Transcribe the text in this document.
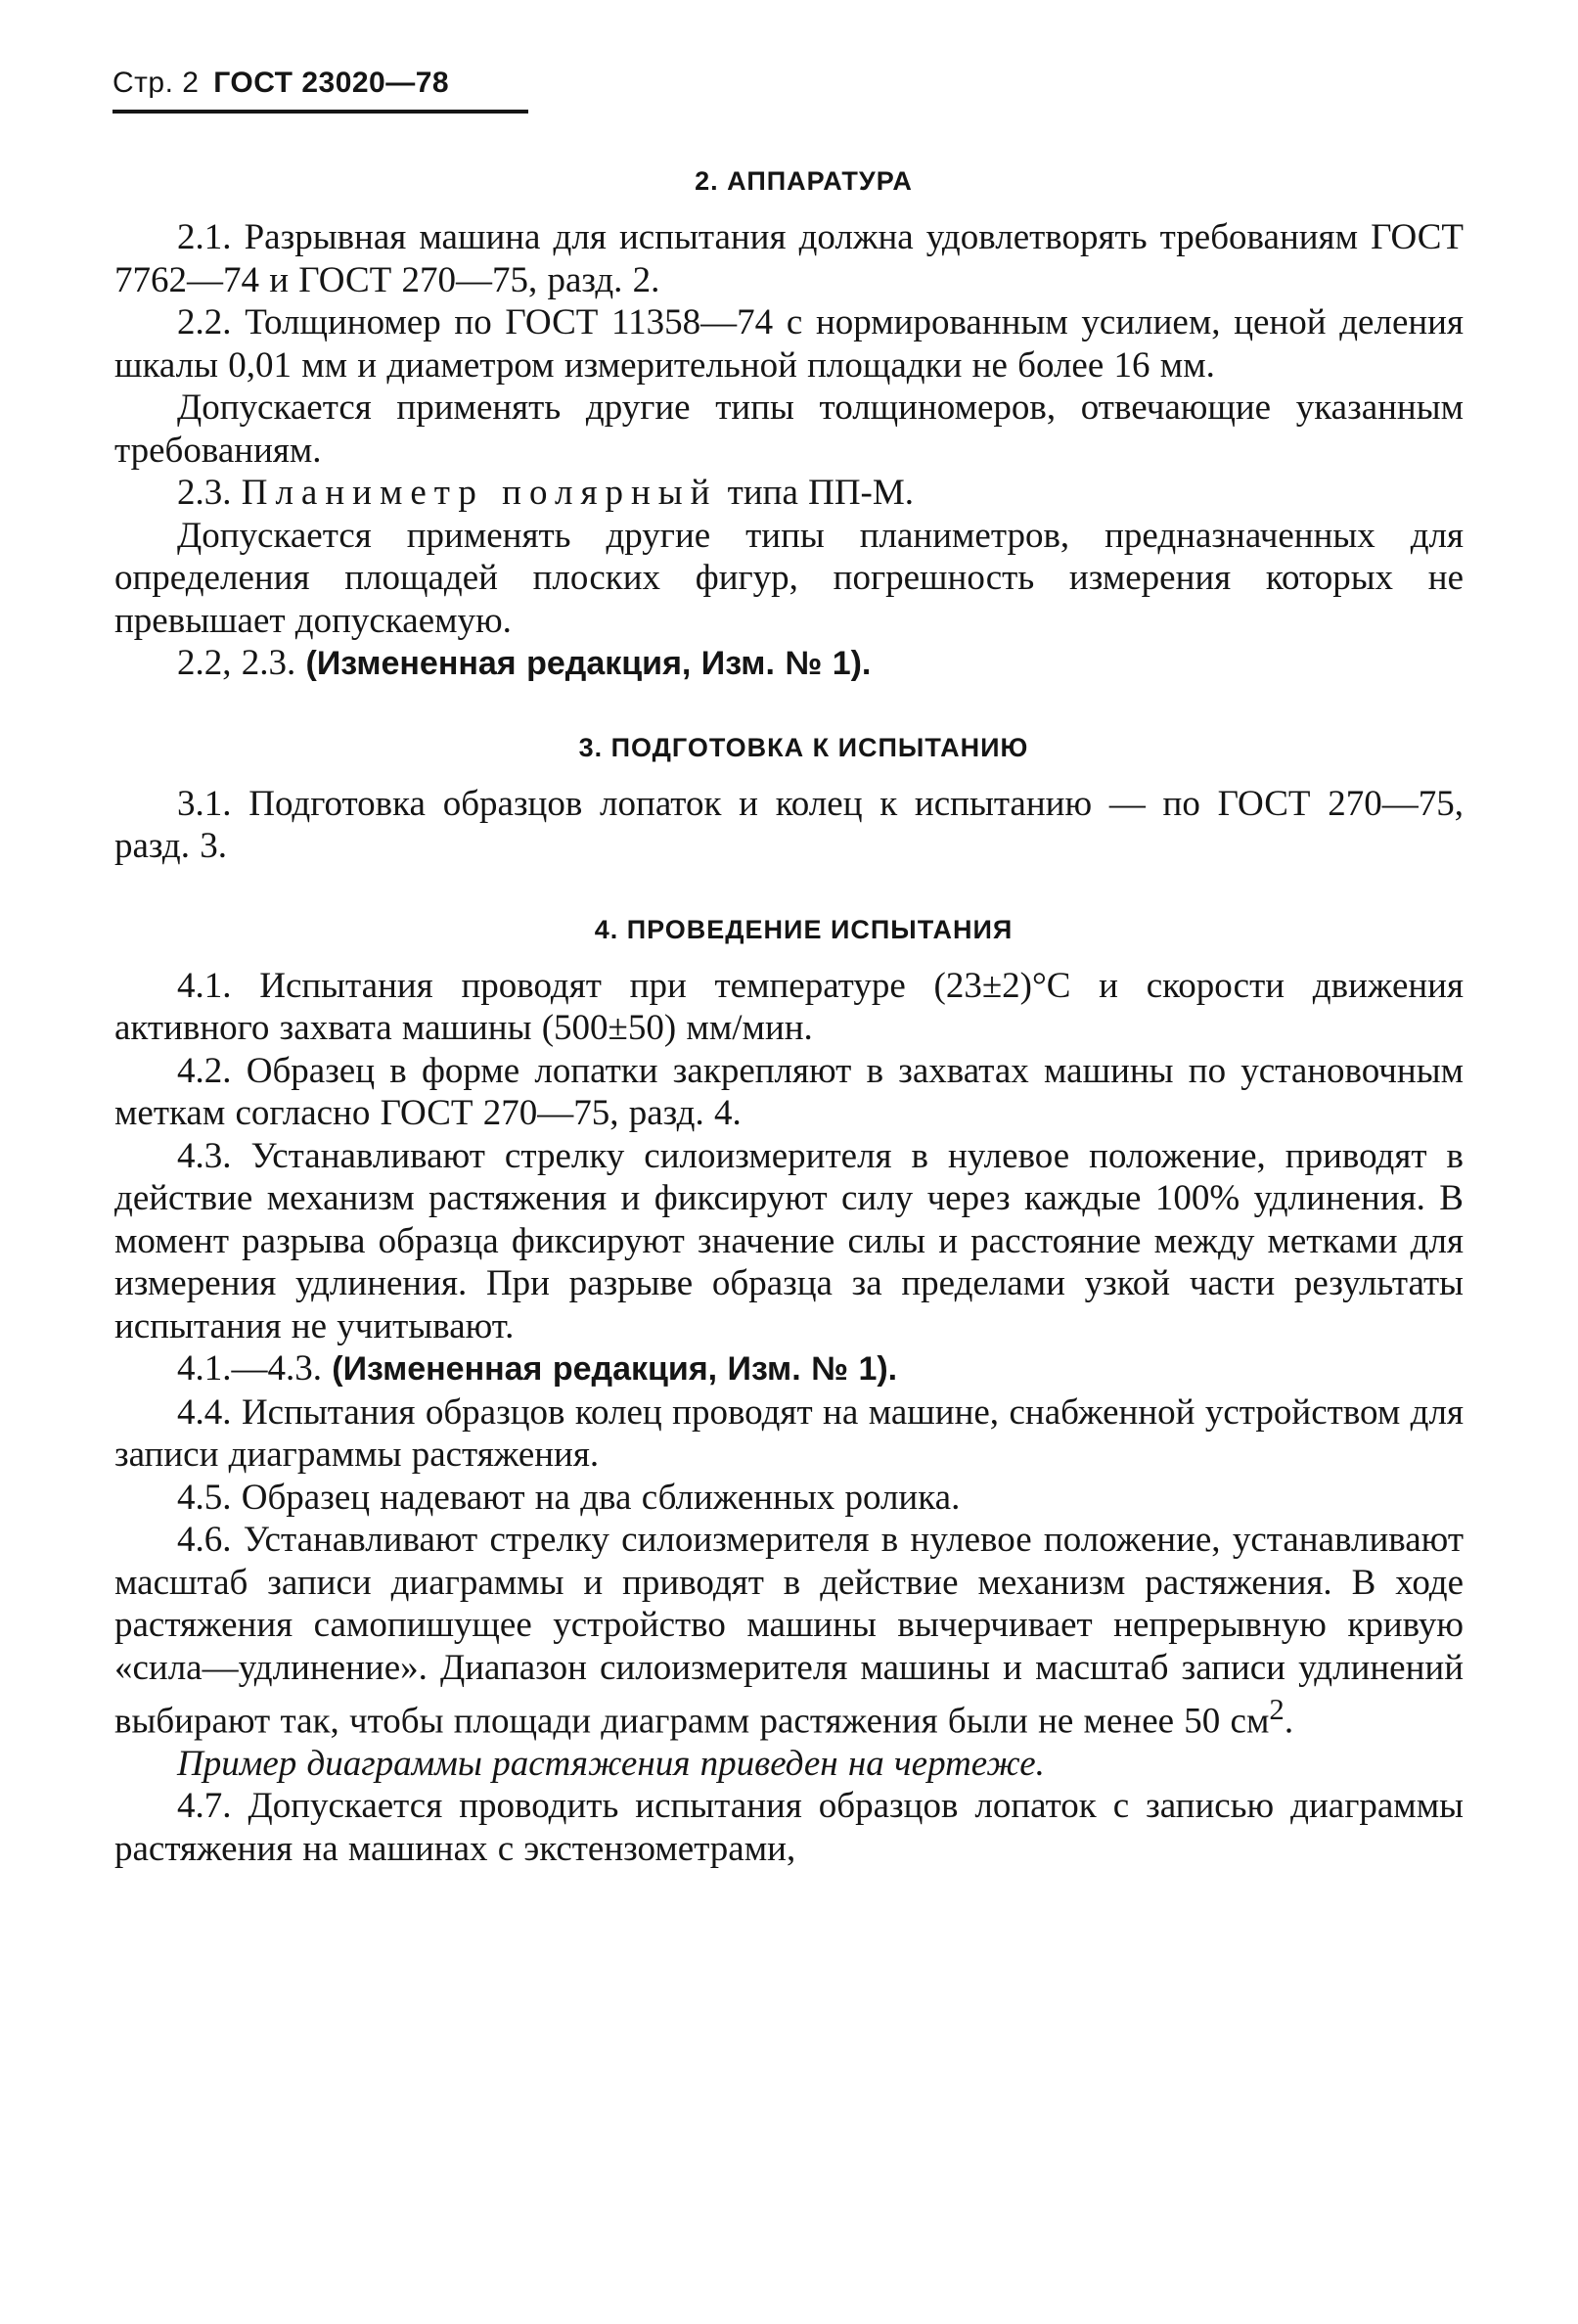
Стр. 2 ГОСТ 23020—78
2. АППАРАТУРА

2.1. Разрывная машина для испытания должна удовлетворять требованиям ГОСТ 7762—74 и ГОСТ 270—75, разд. 2.

2.2. Толщиномер по ГОСТ 11358—74 с нормированным усилием, ценой деления шкалы 0,01 мм и диаметром измерительной площадки не более 16 мм.

Допускается применять другие типы толщиномеров, отвечающие указанным требованиям.

2.3. Планиметр полярный типа ПП-М.

Допускается применять другие типы планиметров, предназначенных для определения площадей плоских фигур, погрешность измерения которых не превышает допускаемую.

2.2, 2.3. (Измененная редакция, Изм. № 1).

3. ПОДГОТОВКА К ИСПЫТАНИЮ

3.1. Подготовка образцов лопаток и колец к испытанию — по ГОСТ 270—75, разд. 3.

4. ПРОВЕДЕНИЕ ИСПЫТАНИЯ

4.1. Испытания проводят при температуре (23±2)°С и скорости движения активного захвата машины (500±50) мм/мин.

4.2. Образец в форме лопатки закрепляют в захватах машины по установочным меткам согласно ГОСТ 270—75, разд. 4.

4.3. Устанавливают стрелку силоизмерителя в нулевое положение, приводят в действие механизм растяжения и фиксируют силу через каждые 100% удлинения. В момент разрыва образца фиксируют значение силы и расстояние между метками для измерения удлинения. При разрыве образца за пределами узкой части результаты испытания не учитывают.

4.1.—4.3. (Измененная редакция, Изм. № 1).

4.4. Испытания образцов колец проводят на машине, снабженной устройством для записи диаграммы растяжения.

4.5. Образец надевают на два сближенных ролика.

4.6. Устанавливают стрелку силоизмерителя в нулевое положение, устанавливают масштаб записи диаграммы и приводят в действие механизм растяжения. В ходе растяжения самопишущее устройство машины вычерчивает непрерывную кривую «сила—удлинение». Диапазон силоизмерителя машины и масштаб записи удлинений выбирают так, чтобы площади диаграмм растяжения были не менее 50 $см^2$.

Пример диаграммы растяжения приведен на чертеже.

4.7. Допускается проводить испытания образцов лопаток с записью диаграммы растяжения на машинах с экстензометрами,
